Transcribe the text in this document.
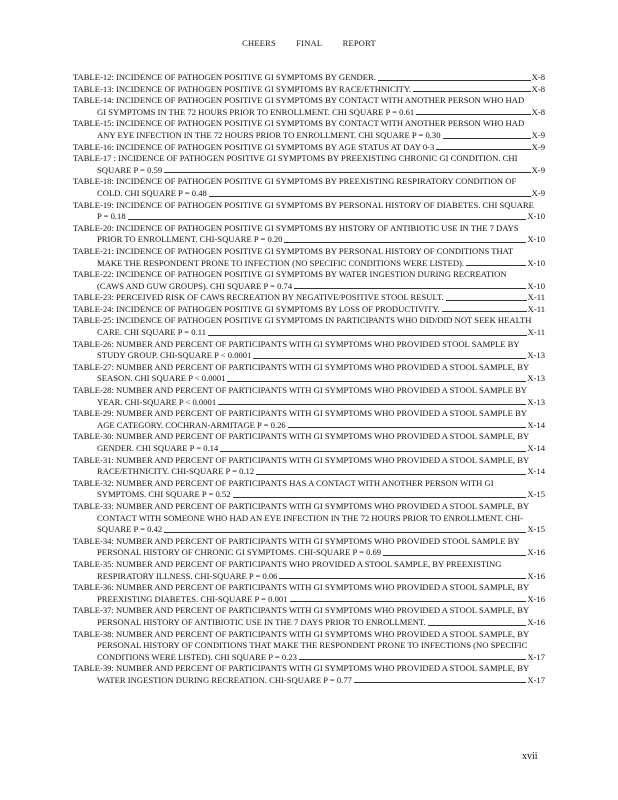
CHEERS FINAL REPORT
TABLE-12: INCIDENCE OF PATHOGEN POSITIVE GI SYMPTOMS BY GENDER.	X-8
TABLE-13: INCIDENCE OF PATHOGEN POSITIVE GI SYMPTOMS BY RACE/ETHNICITY.	X-8
TABLE-14: INCIDENCE OF PATHOGEN POSITIVE GI SYMPTOMS BY CONTACT WITH ANOTHER PERSON WHO HAD
GI SYMPTOMS IN THE 72 HOURS PRIOR TO ENROLLMENT. CHI SQUARE P = 0.61	X-8
TABLE-15: INCIDENCE OF PATHOGEN POSITIVE GI SYMPTOMS BY CONTACT WITH ANOTHER PERSON WHO HAD
ANY EYE INFECTION IN THE 72 HOURS PRIOR TO ENROLLMENT. CHI SQUARE P = 0.30	X-9
TABLE-16: INCIDENCE OF PATHOGEN POSITIVE GI SYMPTOMS BY AGE STATUS AT DAY 0-3	X-9
TABLE-17 : INCIDENCE OF PATHOGEN POSITIVE GI SYMPTOMS BY PREEXISTING CHRONIC GI CONDITION. CHI
SQUARE P = 0.59	X-9
TABLE-18: INCIDENCE OF PATHOGEN POSITIVE GI SYMPTOMS BY PREEXISTING RESPIRATORY CONDITION OF
COLD. CHI SQUARE P = 0.48	X-9
TABLE-19: INCIDENCE OF PATHOGEN POSITIVE GI SYMPTOMS BY PERSONAL HISTORY OF DIABETES. CHI SQUARE
P = 0.18	X-10
TABLE-20: INCIDENCE OF PATHOGEN POSITIVE GI SYMPTOMS BY HISTORY OF ANTIBIOTIC USE IN THE 7 DAYS
PRIOR TO ENROLLMENT. CHI-SQUARE P = 0.20	X-10
TABLE-21: INCIDENCE OF PATHOGEN POSITIVE GI SYMPTOMS BY PERSONAL HISTORY OF CONDITIONS THAT
MAKE THE RESPONDENT PRONE TO INFECTION (NO SPECIFIC CONDITIONS WERE LISTED).	X-10
TABLE-22: INCIDENCE OF PATHOGEN POSITIVE GI SYMPTOMS BY WATER INGESTION DURING RECREATION
(CAWS AND GUW GROUPS). CHI SQUARE P = 0.74	X-10
TABLE-23: PERCEIVED RISK OF CAWS RECREATION BY NEGATIVE/POSITIVE STOOL RESULT.	X-11
TABLE-24: INCIDENCE OF PATHOGEN POSITIVE GI SYMPTOMS BY LOSS OF PRODUCTIVITY.	X-11
TABLE-25: INCIDENCE OF PATHOGEN POSITIVE GI SYMPTOMS IN PARTICIPANTS WHO DID/DID NOT SEEK HEALTH
CARE. CHI SQUARE P = 0.11	X-11
TABLE-26: NUMBER AND PERCENT OF PARTICIPANTS WITH GI SYMPTOMS WHO PROVIDED STOOL SAMPLE BY
STUDY GROUP. CHI-SQUARE P < 0.0001	X-13
TABLE-27: NUMBER AND PERCENT OF PARTICIPANTS WITH GI SYMPTOMS WHO PROVIDED A STOOL SAMPLE, BY
SEASON. CHI SQUARE P < 0.0001	X-13
TABLE-28: NUMBER AND PERCENT OF PARTICIPANTS WITH GI SYMPTOMS WHO PROVIDED A STOOL SAMPLE BY
YEAR. CHI-SQUARE P < 0.0001	X-13
TABLE-29: NUMBER AND PERCENT OF PARTICIPANTS WITH GI SYMPTOMS WHO PROVIDED A STOOL SAMPLE BY
AGE CATEGORY. COCHRAN-ARMITAGE P = 0.26	X-14
TABLE-30: NUMBER AND PERCENT OF PARTICIPANTS WITH GI SYMPTOMS WHO PROVIDED A STOOL SAMPLE, BY
GENDER. CHI SQUARE P = 0.14	X-14
TABLE-31: NUMBER AND PERCENT OF PARTICIPANTS WITH GI SYMPTOMS WHO PROVIDED A STOOL SAMPLE, BY
RACE/ETHNICITY. CHI-SQUARE P = 0.12	X-14
TABLE-32: NUMBER AND PERCENT OF PARTICIPANTS HAS A CONTACT WITH ANOTHER PERSON WITH GI
SYMPTOMS. CHI SQUARE P = 0.52	X-15
TABLE-33: NUMBER AND PERCENT OF PARTICIPANTS WITH GI SYMPTOMS WHO PROVIDED A STOOL SAMPLE, BY
CONTACT WITH SOMEONE WHO HAD AN EYE INFECTION IN THE 72 HOURS PRIOR TO ENROLLMENT. CHI-
SQUARE P = 0.42	X-15
TABLE-34: NUMBER AND PERCENT OF PARTICIPANTS WITH GI SYMPTOMS WHO PROVIDED STOOL SAMPLE BY
PERSONAL HISTORY OF CHRONIC GI SYMPTOMS. CHI-SQUARE P = 0.69	X-16
TABLE-35: NUMBER AND PERCENT OF PARTICIPANTS WHO PROVIDED A STOOL SAMPLE, BY PREEXISTING
RESPIRATORY ILLNESS. CHI-SQUARE P = 0.06	X-16
TABLE-36: NUMBER AND PERCENT OF PARTICIPANTS WITH GI SYMPTOMS WHO PROVIDED A STOOL SAMPLE, BY
PREEXISTING DIABETES. CHI-SQUARE P = 0.001	X-16
TABLE-37: NUMBER AND PERCENT OF PARTICIPANTS WITH GI SYMPTOMS WHO PROVIDED A STOOL SAMPLE, BY
PERSONAL HISTORY OF ANTIBIOTIC USE IN THE 7 DAYS PRIOR TO ENROLLMENT.	X-16
TABLE-38: NUMBER AND PERCENT OF PARTICIPANTS WITH GI SYMPTOMS WHO PROVIDED A STOOL SAMPLE, BY
PERSONAL HISTORY OF CONDITIONS THAT MAKE THE RESPONDENT PRONE TO INFECTIONS (NO SPECIFIC
CONDITIONS WERE LISTED). CHI SQUARE P = 0.23	X-17
TABLE-39: NUMBER AND PERCENT OF PARTICIPANTS WITH GI SYMPTOMS WHO PROVIDED A STOOL SAMPLE, BY
WATER INGESTION DURING RECREATION. CHI-SQUARE P = 0.77	X-17
xvii
